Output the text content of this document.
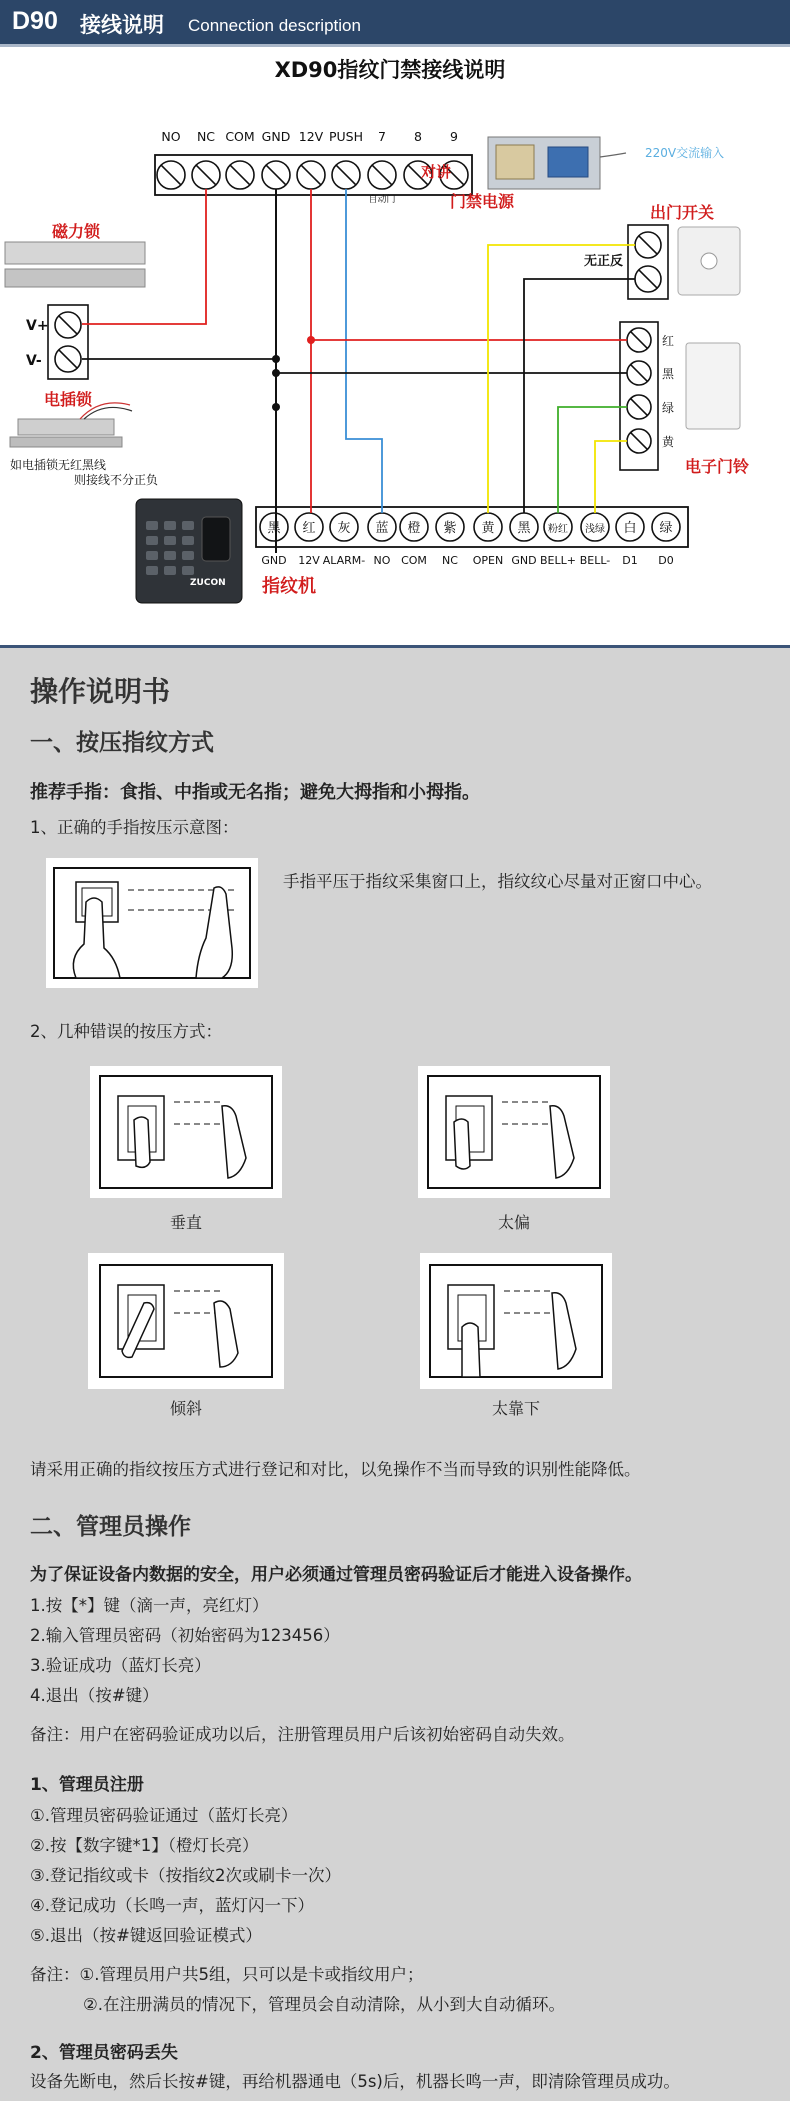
D90 接线说明 Connection description
XD90指纹门禁接线说明
NO NC COM GND 12V PUSH 7 8 9
自动门
对讲
门禁电源
220V交流输入
出门开关
无正反
磁力锁
V+
V-
电插锁
如电插锁无红黑线
则接线不分正负
红
黑
绿
黄
电子门铃
ZUCON 指纹机
黑
GND
红
12V
灰
ALARM-
蓝
NO
橙
COM
紫
NC
黄
OPEN
黑
GND
粉红
BELL+
浅绿
BELL-
白
D1
绿
D0
操作说明书
一、按压指纹方式
推荐手指：食指、中指或无名指；避免大拇指和小拇指。
1、正确的手指按压示意图：
手指平压于指纹采集窗口上，指纹纹心尽量对正窗口中心。
2、几种错误的按压方式：
垂直	太偏
倾斜	太靠下
请采用正确的指纹按压方式进行登记和对比，以免操作不当而导致的识别性能降低。
二、管理员操作
为了保证设备内数据的安全，用户必须通过管理员密码验证后才能进入设备操作。
1.按【*】键（滴一声，亮红灯）
2.输入管理员密码（初始密码为123456）
3.验证成功（蓝灯长亮）
4.退出（按#键）
备注：用户在密码验证成功以后，注册管理员用户后该初始密码自动失效。
1、管理员注册
①.管理员密码验证通过（蓝灯长亮）
②.按【数字键*1】（橙灯长亮）
③.登记指纹或卡（按指纹2次或刷卡一次）
④.登记成功（长鸣一声，蓝灯闪一下）
⑤.退出（按#键返回验证模式）
备注：①.管理员用户共5组，只可以是卡或指纹用户；
②.在注册满员的情况下，管理员会自动清除，从小到大自动循环。
2、管理员密码丢失
设备先断电，然后长按#键，再给机器通电（5s)后，机器长鸣一声，即清除管理员成功。
